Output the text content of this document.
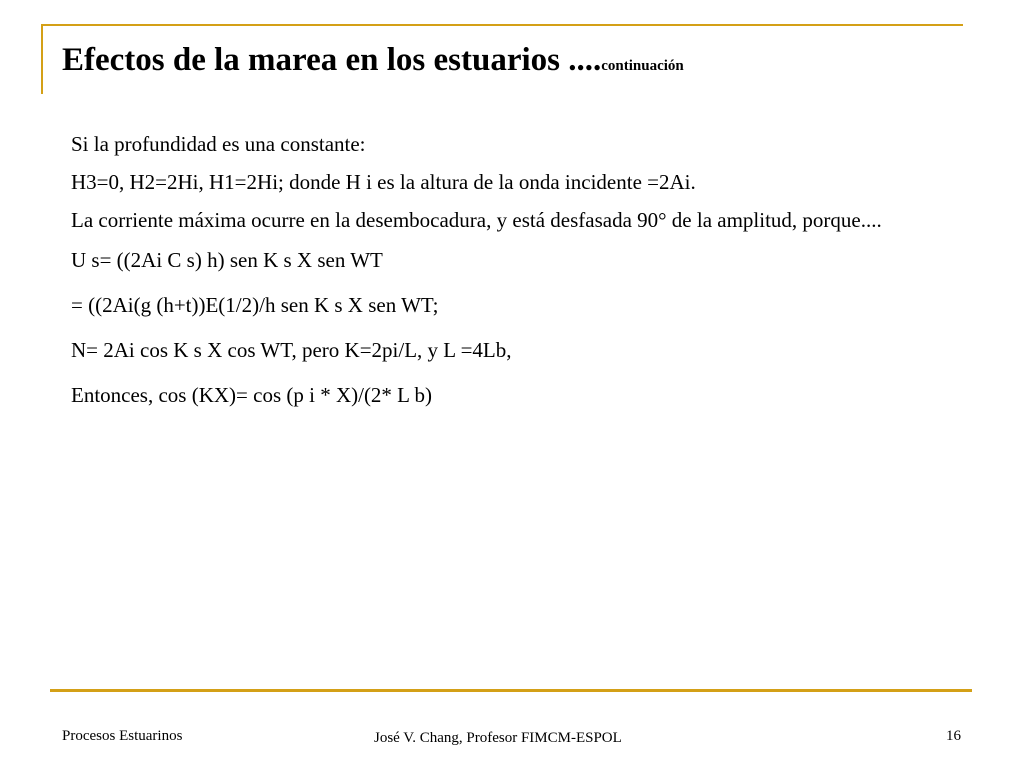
Efectos de la marea en los estuarios ....continuación

Si la profundidad es una constante:

H3=0, H2=2Hi, H1=2Hi; donde H i es la altura de la onda incidente =2Ai.

La corriente máxima ocurre en la desembocadura, y está desfasada 90° de la amplitud, porque....

U s= ((2Ai C s) h) sen K s X sen WT

= ((2Ai(g (h+t))E(1/2)/h sen K s X sen WT;

N= 2Ai cos K s X cos WT, pero K=2pi/L, y L =4Lb,

Entonces, cos (KX)= cos (p i * X)/(2* L b)

Procesos Estuarinos	José V. Chang, Profesor FIMCM-ESPOL	16
